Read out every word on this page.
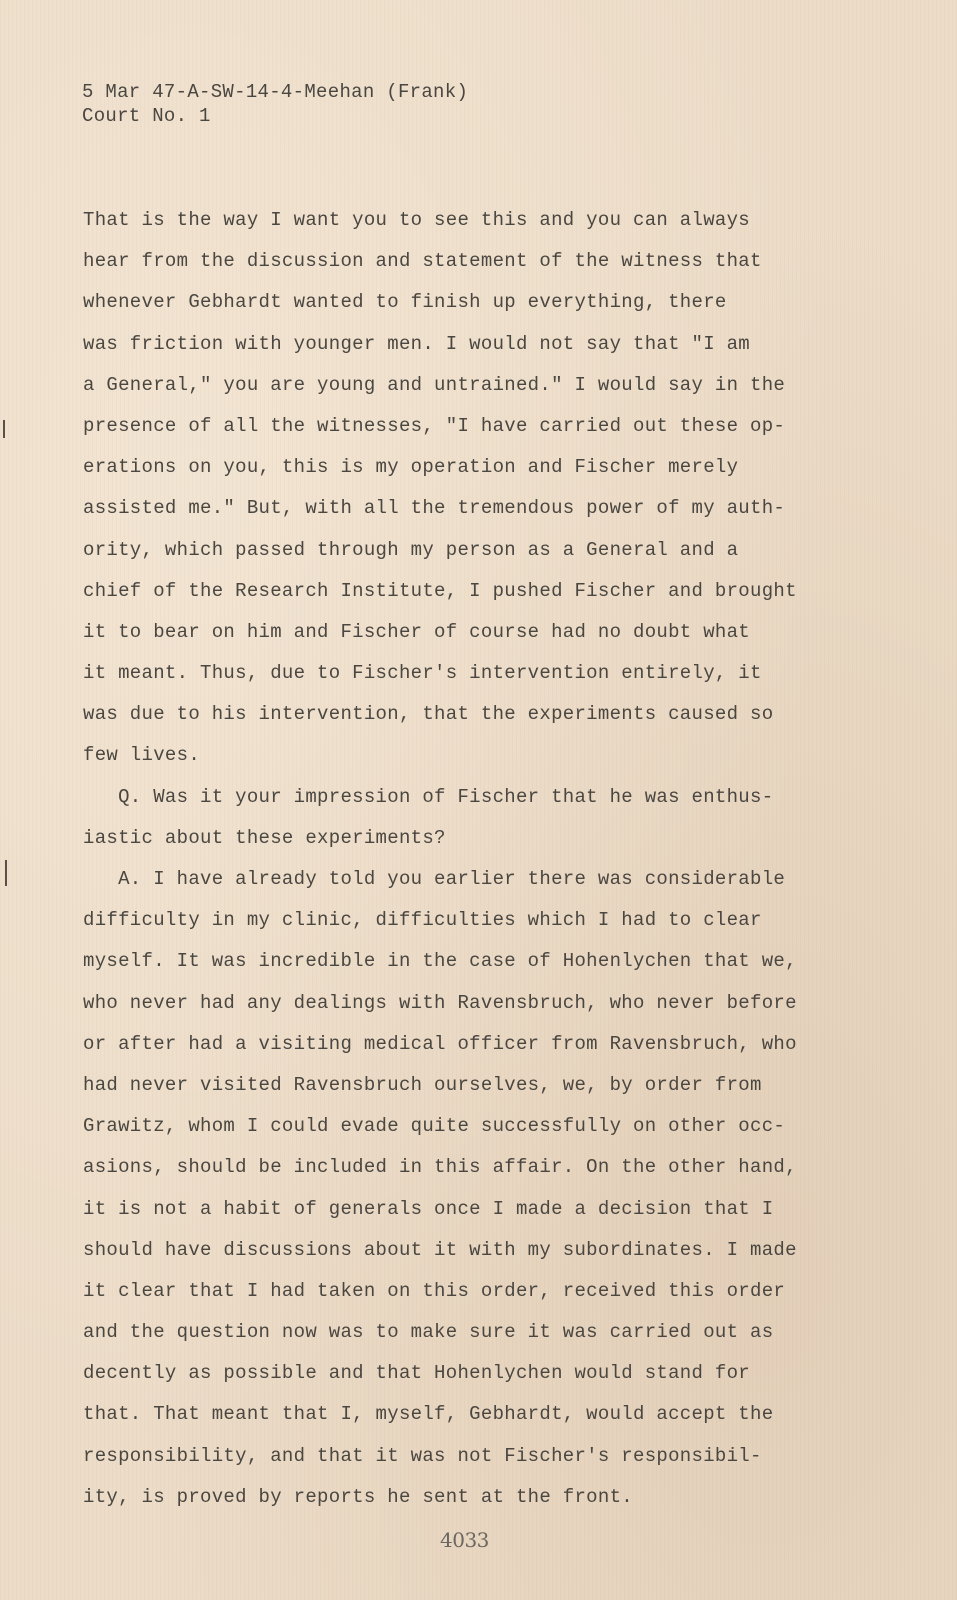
5 Mar 47-A-SW-14-4-Meehan (Frank)
Court No. 1
That is the way I want you to see this and you can always
hear from the discussion and statement of the witness that
whenever Gebhardt wanted to finish up everything, there
was friction with younger men. I would not say that "I am
a General," you are young and untrained." I would say in the
presence of all the witnesses, "I have carried out these op-
erations on you, this is my operation and Fischer merely
assisted me." But, with all the tremendous power of my auth-
ority, which passed through my person as a General and a
chief of the Research Institute, I pushed Fischer and brought
it to bear on him and Fischer of course had no doubt what
it meant. Thus, due to Fischer's intervention entirely, it
was due to his intervention, that the experiments caused so
few lives.
Q. Was it your impression of Fischer that he was enthus-
iastic about these experiments?
A. I have already told you earlier there was considerable
difficulty in my clinic, difficulties which I had to clear
myself. It was incredible in the case of Hohenlychen that we,
who never had any dealings with Ravensbruch, who never before
or after had a visiting medical officer from Ravensbruch, who
had never visited Ravensbruch ourselves, we, by order from
Grawitz, whom I could evade quite successfully on other occ-
asions, should be included in this affair. On the other hand,
it is not a habit of generals once I made a decision that I
should have discussions about it with my subordinates. I made
it clear that I had taken on this order, received this order
and the question now was to make sure it was carried out as
decently as possible and that Hohenlychen would stand for
that. That meant that I, myself, Gebhardt, would accept the
responsibility, and that it was not Fischer's responsibil-
ity, is proved by reports he sent at the front.
4033
